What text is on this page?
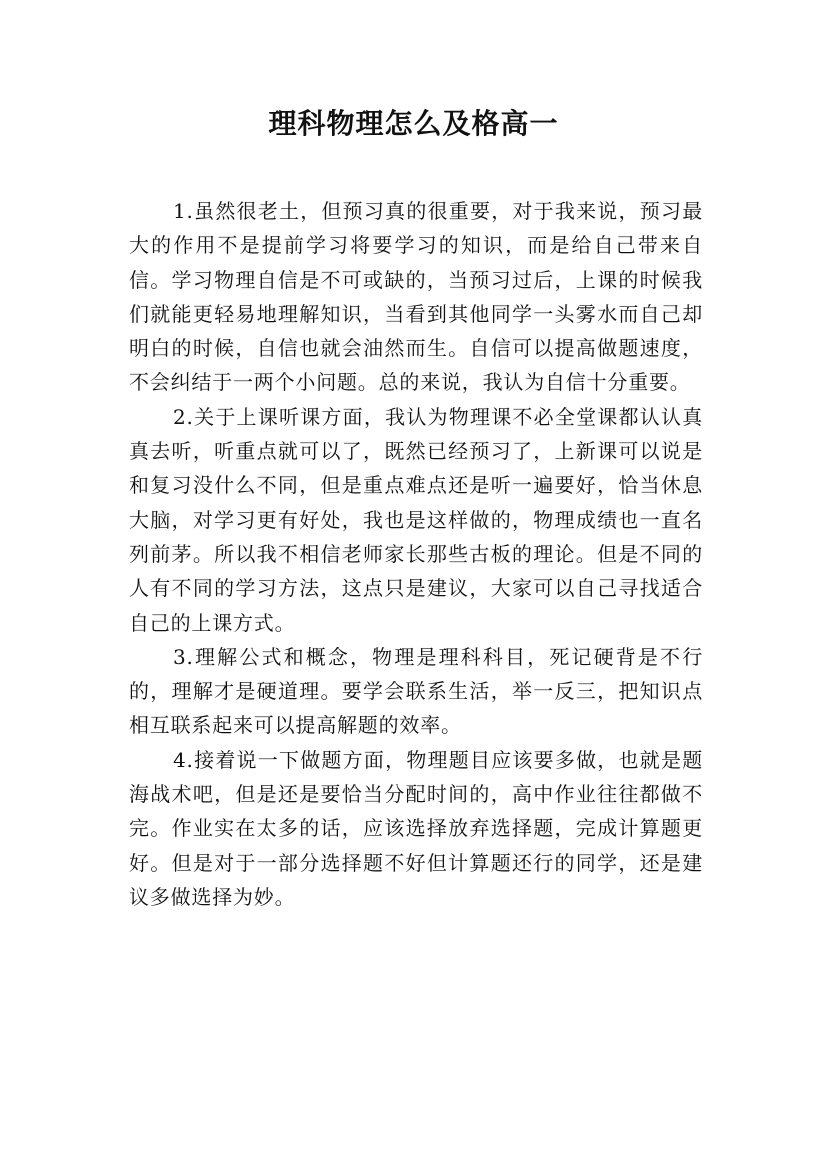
理科物理怎么及格高一

1.虽然很老土，但预习真的很重要，对于我来说，预习最大的作用不是提前学习将要学习的知识，而是给自己带来自信。学习物理自信是不可或缺的，当预习过后，上课的时候我们就能更轻易地理解知识，当看到其他同学一头雾水而自己却明白的时候，自信也就会油然而生。自信可以提高做题速度，不会纠结于一两个小问题。总的来说，我认为自信十分重要。

2.关于上课听课方面，我认为物理课不必全堂课都认认真真去听，听重点就可以了，既然已经预习了，上新课可以说是和复习没什么不同，但是重点难点还是听一遍要好，恰当休息大脑，对学习更有好处，我也是这样做的，物理成绩也一直名列前茅。所以我不相信老师家长那些古板的理论。但是不同的人有不同的学习方法，这点只是建议，大家可以自己寻找适合自己的上课方式。

3.理解公式和概念，物理是理科科目，死记硬背是不行的，理解才是硬道理。要学会联系生活，举一反三，把知识点相互联系起来可以提高解题的效率。

4.接着说一下做题方面，物理题目应该要多做，也就是题海战术吧，但是还是要恰当分配时间的，高中作业往往都做不完。作业实在太多的话，应该选择放弃选择题，完成计算题更好。但是对于一部分选择题不好但计算题还行的同学，还是建议多做选择为妙。
